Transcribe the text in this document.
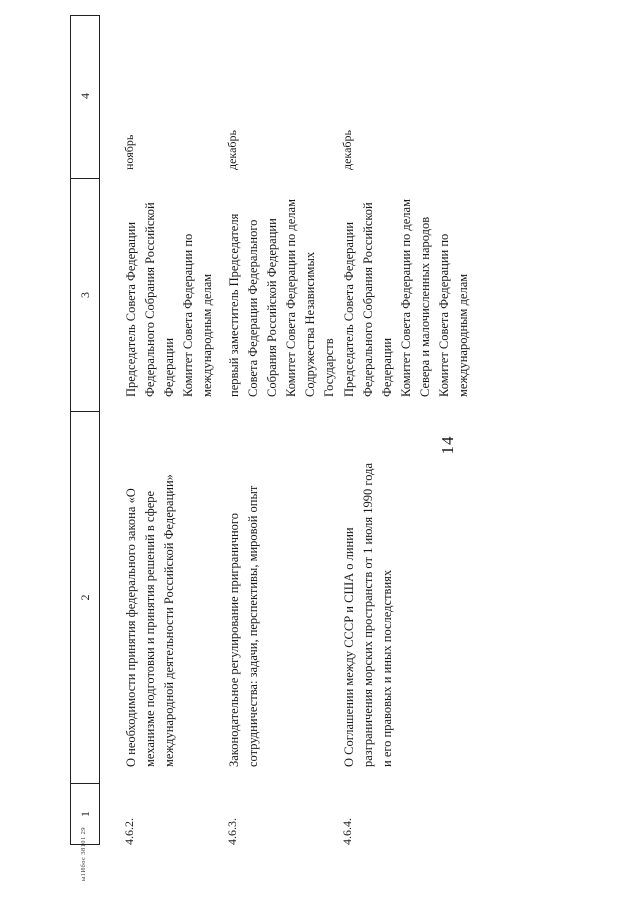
14
1
2
3
4
4.6.2.
О необходимости принятия федерального закона «О механизме подготовки и принятия решений в сфере международной деятельности Российской Федерации»
Председатель Совета Федерации Федерального Собрания Российской Федерации Комитет Совета Федерации по международным делам
ноябрь
4.6.3.
Законодательное регулирование приграничного сотрудничества: задачи, перспективы, мировой опыт
первый заместитель Председателя Совета Федерации Федерального Собрания Российской Федерации Комитет Совета Федерации по делам Содружества Независимых Государств
декабрь
4.6.4.
О Соглашении между СССР и США о линии разграничения морских пространств от 1 июля 1990 года и его правовых и иных последствиях
Председатель Совета Федерации Федерального Собрания Российской Федерации Комитет Совета Федерации по делам Севера и малочисленных народов Комитет Совета Федерации по международным делам
декабрь
ы1Ибос 38101 29
